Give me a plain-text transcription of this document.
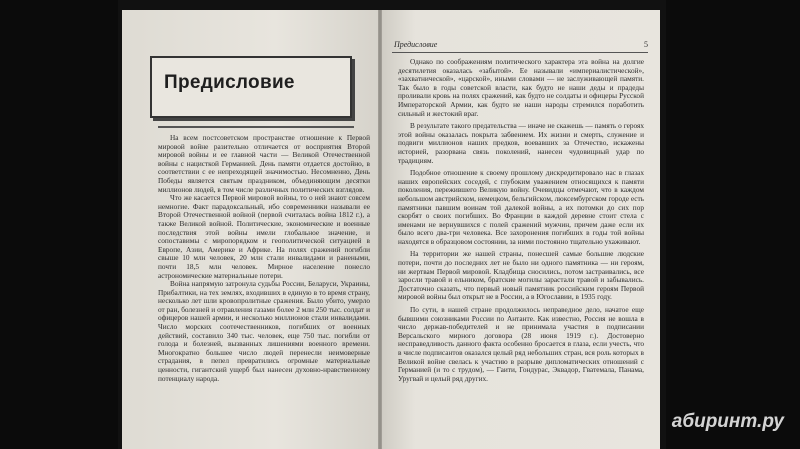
Предисловие

На всем постсоветском пространстве отношение к Первой мировой войне разительно отличается от восприятия Второй мировой войны и ее главной части — Великой Отечественной войны с нацисткой Германией. День памяти отдается достойно, в соответствии с ее непреходящей значимостью. Несомненно, День Победы является святым праздником, объединяющим десятки миллионов людей, в том числе различных политических взглядов.

Что же касается Первой мировой войны, то о ней знают совсем немногие. Факт парадоксальный, ибо современники называли ее Второй Отечественной войной (первой считалась война 1812 г.), а также Великой войной. Политические, экономические и военные последствия этой войны имели глобальное значение, и сопоставимы с миропорядком и геополитической ситуацией в Европе, Азии, Америке и Африке. На полях сражений погибли свыше 10 млн человек, 20 млн стали инвалидами и ранеными, почти 18,5 млн человек. Мирное население понесло астрономические материальные потери.

Война напрямую затронула судьбы России, Беларуси, Украины, Прибалтики, на тех землях, входивших в единую в то время страну, несколько лет шли кровопролитные сражения. Было убито, умерло от ран, болезней и отравления газами более 2 млн 250 тыс. солдат и офицеров нашей армии, и несколько миллионов стали инвалидами. Число морских соотечественников, погибших от военных действий, составило 340 тыс. человек, еще 750 тыс. погибли от голода и болезней, вызванных лишениями военного времени. Многократно большее число людей перенесли неимоверные страдания, в пепел превратились огромные материальные ценности, гигантский ущерб был нанесен духовно-нравственному потенциалу народа.

Предисловие	5

Однако по соображениям политического характера эта война на долгие десятилетия оказалась «забытой». Ее называли «империалистической», «захватнической», «царской», иными словами — не заслуживающей памяти. Так было в годы советской власти, как будто не наши деды и прадеды проливали кровь на полях сражений, как будто не солдаты и офицеры Русской Императорской Армии, как будто не наши народы стремился поработить сильный и жестокий враг.

В результате такого предательства — иначе не скажешь — память о героях этой войны оказалась покрыта забвением. Их жизни и смерть, служение и подвиги миллионов наших предков, воевавших за Отечество, искажены историей, разорвана связь поколений, нанесен чудовищный удар по традициям.

Подобное отношение к своему прошлому дискредитировало нас в глазах наших европейских соседей, с глубоким уважением относящихся к памяти поколения, пережившего Великую войну. Очевидцы отмечают, что в каждом небольшом австрийском, немецком, бельгийском, люксембургском городе есть памятники павшим воинам той далекой войны, а их потомки до сих пор скорбят о своих погибших. Во Франции в каждой деревне стоит стела с именами не вернувшихся с полей сражений мужчин, причем даже если их было всего два-три человека. Все захоронения погибших в годы той войны находятся в образцовом состоянии, за ними постоянно тщательно ухаживают.

На территории же нашей страны, понесшей самые большие людские потери, почти до последних лет не было ни одного памятника — ни героям, ни жертвам Первой мировой. Кладбища сносились, потом застраивались, все заросли травой и ельником, братские могилы зарастали травой и забывались. Достаточно сказать, что первый новый памятник российским героям Первой мировой войны был открыт не в России, а в Югославии, в 1935 году.

По сути, в нашей стране продолжилось неправедное дело, начатое еще бывшими союзниками России по Антанте. Как известно, Россия не вошла в число держав-победителей и не принимала участия в подписании Версальского мирного договора (28 июня 1919 г.). Достоверно несправедливость данного факта особенно бросается в глаза, если учесть, что в числе подписантов оказался целый ряд небольших стран, вся роль которых в Великой войне свелась к участию в разрыве дипломатических отношений с Германией (и то с трудом), — Гаити, Гондурас, Эквадор, Гватемала, Панама, Уругвай и целый ряд других.

абиринт.ру
